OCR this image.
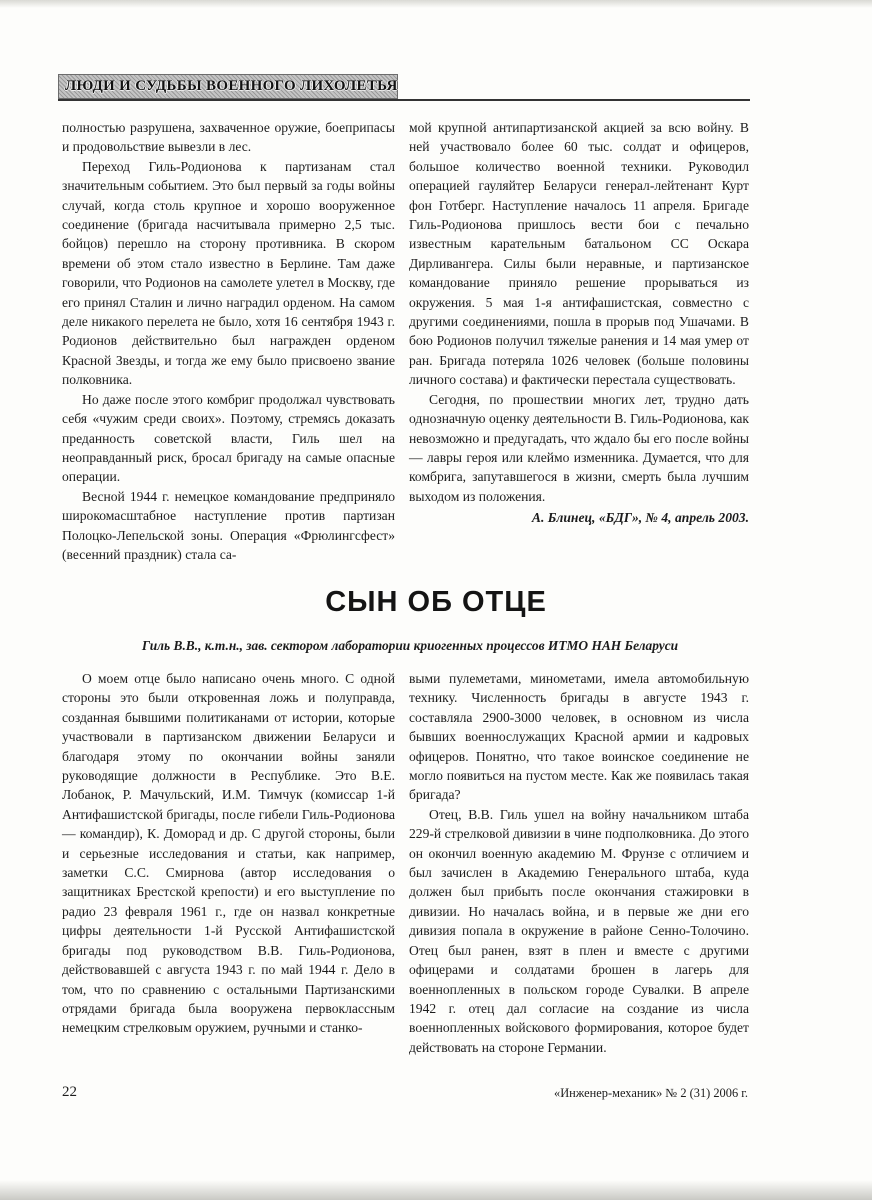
ЛЮДИ И СУДЬБЫ ВОЕННОГО ЛИХОЛЕТЬЯ

полностью разрушена, захваченное оружие, боеприпасы и продовольствие вывезли в лес.

Переход Гиль-Родионова к партизанам стал значительным событием. Это был первый за годы войны случай, когда столь крупное и хорошо вооруженное соединение (бригада насчитывала примерно 2,5 тыс. бойцов) перешло на сторону противника. В скором времени об этом стало известно в Берлине. Там даже говорили, что Родионов на самолете улетел в Москву, где его принял Сталин и лично наградил орденом. На самом деле никакого перелета не было, хотя 16 сентября 1943 г. Родионов действительно был награжден орденом Красной Звезды, и тогда же ему было присвоено звание полковника.

Но даже после этого комбриг продолжал чувствовать себя «чужим среди своих». Поэтому, стремясь доказать преданность советской власти, Гиль шел на неоправданный риск, бросал бригаду на самые опасные операции.

Весной 1944 г. немецкое командование предприняло широкомасштабное наступление против партизан Полоцко-Лепельской зоны. Операция «Фрюлингсфест» (весенний праздник) стала са-

мой крупной антипартизанской акцией за всю войну. В ней участвовало более 60 тыс. солдат и офицеров, большое количество военной техники. Руководил операцией гауляйтер Беларуси генерал-лейтенант Курт фон Готберг. Наступление началось 11 апреля. Бригаде Гиль-Родионова пришлось вести бои с печально известным карательным батальоном СС Оскара Дирливангера. Силы были неравные, и партизанское командование приняло решение прорываться из окружения. 5 мая 1-я антифашистская, совместно с другими соединениями, пошла в прорыв под Ушачами. В бою Родионов получил тяжелые ранения и 14 мая умер от ран. Бригада потеряла 1026 человек (больше половины личного состава) и фактически перестала существовать.

Сегодня, по прошествии многих лет, трудно дать однозначную оценку деятельности В. Гиль-Родионова, как невозможно и предугадать, что ждало бы его после войны — лавры героя или клеймо изменника. Думается, что для комбрига, запутавшегося в жизни, смерть была лучшим выходом из положения.

А. Блинец, «БДГ», № 4, апрель 2003.

СЫН ОБ ОТЦЕ
Гиль В.В., к.т.н., зав. сектором лаборатории криогенных процессов ИТМО НАН Беларуси

О моем отце было написано очень много. С одной стороны это были откровенная ложь и полуправда, созданная бывшими политиканами от истории, которые участвовали в партизанском движении Беларуси и благодаря этому по окончании войны заняли руководящие должности в Республике. Это В.Е. Лобанок, Р. Мачульский, И.М. Тимчук (комиссар 1-й Антифашистской бригады, после гибели Гиль-Родионова — командир), К. Доморад и др. С другой стороны, были и серьезные исследования и статьи, как например, заметки С.С. Смирнова (автор исследования о защитниках Брестской крепости) и его выступление по радио 23 февраля 1961 г., где он назвал конкретные цифры деятельности 1-й Русской Антифашистской бригады под руководством В.В. Гиль-Родионова, действовавшей с августа 1943 г. по май 1944 г. Дело в том, что по сравнению с остальными Партизанскими отрядами бригада была вооружена первоклассным немецким стрелковым оружием, ручными и станко-

выми пулеметами, минометами, имела автомобильную технику. Численность бригады в августе 1943 г. составляла 2900-3000 человек, в основном из числа бывших военнослужащих Красной армии и кадровых офицеров. Понятно, что такое воинское соединение не могло появиться на пустом месте. Как же появилась такая бригада?

Отец, В.В. Гиль ушел на войну начальником штаба 229-й стрелковой дивизии в чине подполковника. До этого он окончил военную академию М. Фрунзе с отличием и был зачислен в Академию Генерального штаба, куда должен был прибыть после окончания стажировки в дивизии. Но началась война, и в первые же дни его дивизия попала в окружение в районе Сенно-Толочино. Отец был ранен, взят в плен и вместе с другими офицерами и солдатами брошен в лагерь для военнопленных в польском городе Сувалки. В апреле 1942 г. отец дал согласие на создание из числа военнопленных войскового формирования, которое будет действовать на стороне Германии.

22	«Инженер-механик» № 2 (31) 2006 г.
